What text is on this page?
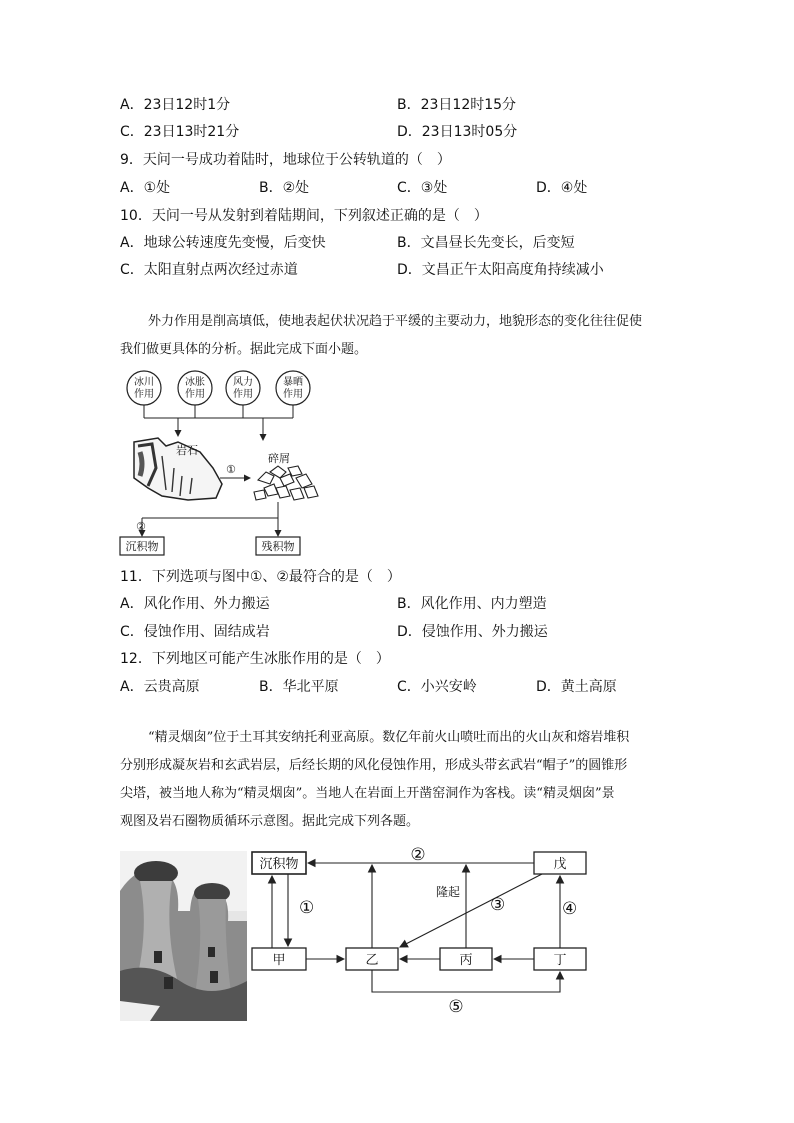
A．23日12时1分	B．23日12时15分
C．23日13时21分	D．23日13时05分
9．天问一号成功着陆时，地球位于公转轨道的（　）
A．①处	B．②处	C．③处	D．④处
10．天问一号从发射到着陆期间，下列叙述正确的是（　）
A．地球公转速度先变慢，后变快	B．文昌昼长先变长，后变短
C．太阳直射点两次经过赤道	D．文昌正午太阳高度角持续减小

外力作用是削高填低，使地表起伏状况趋于平缓的主要动力，地貌形态的变化往往促使

我们做更具体的分析。据此完成下面小题。

冰川
作用
冰胀
作用
风力
作用
暴晒
作用
岩石
①
碎屑
②
沉积物	残积物
11．下列选项与图中①、②最符合的是（　）
A．风化作用、外力搬运	B．风化作用、内力塑造
C．侵蚀作用、固结成岩	D．侵蚀作用、外力搬运
12．下列地区可能产生冰胀作用的是（　）
A．云贵高原	B．华北平原	C．小兴安岭	D．黄土高原

“精灵烟囱”位于土耳其安纳托利亚高原。数亿年前火山喷吐而出的火山灰和熔岩堆积

分别形成凝灰岩和玄武岩层，后经长期的风化侵蚀作用，形成头带玄武岩“帽子”的圆锥形

尖塔，被当地人称为“精灵烟囱”。当地人在岩面上开凿窑洞作为客栈。读“精灵烟囱”景

观图及岩石圈物质循环示意图。据此完成下列各题。

沉积物	戊
甲	乙	丙	丁
②
①
隆起
③	④
⑤
